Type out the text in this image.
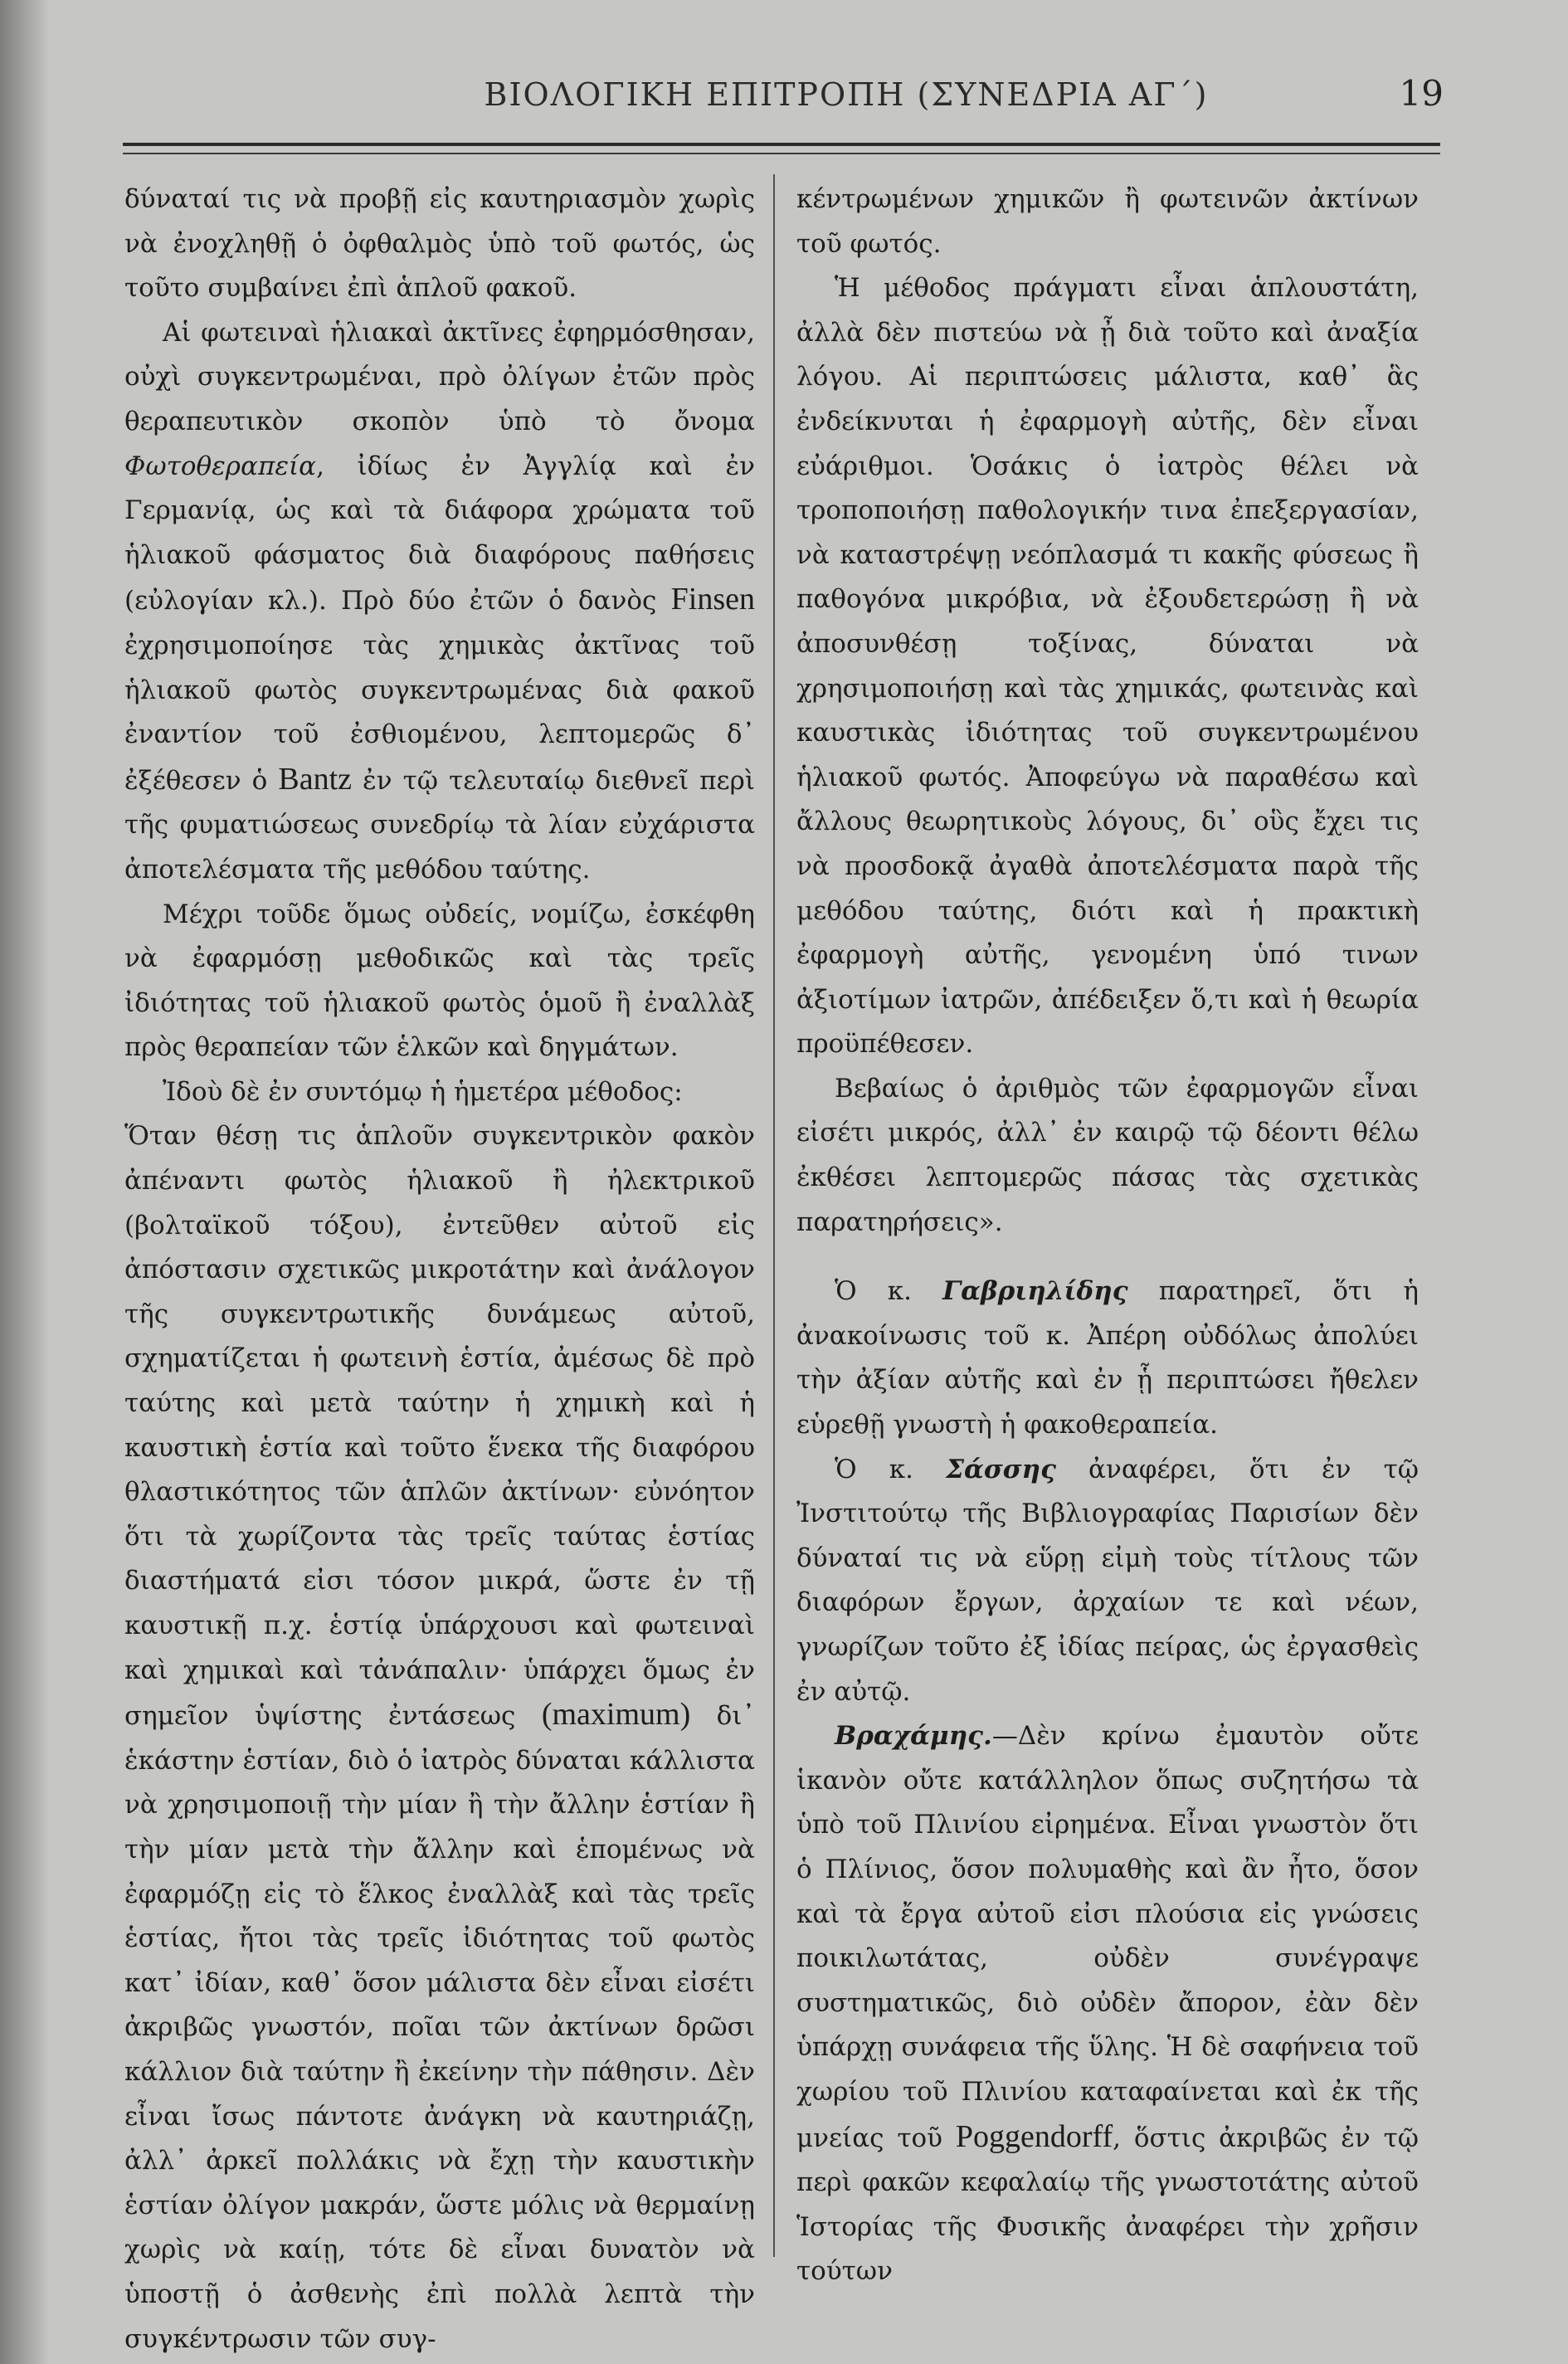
ΒΙΟΛΟΓΙΚΗ ΕΠΙΤΡΟΠΗ (ΣΥΝΕΔΡΙΑ ΑΓ΄)	19

δύναταί τις νὰ προβῇ εἰς καυτηριασμὸν χωρὶς νὰ ἐνοχληθῇ ὁ ὀφθαλμὸς ὑπὸ τοῦ φωτός, ὡς τοῦτο συμβαίνει ἐπὶ ἁπλοῦ φακοῦ.

Αἱ φωτειναὶ ἡλιακαὶ ἀκτῖνες ἐφηρμόσθησαν, οὐχὶ συγκεντρωμέναι, πρὸ ὀλίγων ἐτῶν πρὸς θεραπευτικὸν σκοπὸν ὑπὸ τὸ ὄνομα Φωτοθεραπεία, ἰδίως ἐν Ἀγγλίᾳ καὶ ἐν Γερμανίᾳ, ὡς καὶ τὰ διάφορα χρώματα τοῦ ἡλιακοῦ φάσματος διὰ διαφόρους παθήσεις (εὐλογίαν κλ.). Πρὸ δύο ἐτῶν ὁ δανὸς Finsen ἐχρησιμοποίησε τὰς χημικὰς ἀκτῖνας τοῦ ἡλιακοῦ φωτὸς συγκεντρωμένας διὰ φακοῦ ἐναντίον τοῦ ἐσθιομένου, λεπτομερῶς δ᾽ ἐξέθεσεν ὁ Bantz ἐν τῷ τελευταίῳ διεθνεῖ περὶ τῆς φυματιώσεως συνεδρίῳ τὰ λίαν εὐχάριστα ἀποτελέσματα τῆς μεθόδου ταύτης.

Μέχρι τοῦδε ὅμως οὐδείς, νομίζω, ἐσκέφθη νὰ ἐφαρμόσῃ μεθοδικῶς καὶ τὰς τρεῖς ἰδιότητας τοῦ ἡλιακοῦ φωτὸς ὁμοῦ ἢ ἐναλλὰξ πρὸς θεραπείαν τῶν ἑλκῶν καὶ δηγμάτων.

Ἰδοὺ δὲ ἐν συντόμῳ ἡ ἡμετέρα μέθοδος:

Ὅταν θέσῃ τις ἁπλοῦν συγκεντρικὸν φακὸν ἀπέναντι φωτὸς ἡλιακοῦ ἢ ἠλεκτρικοῦ (βολταϊκοῦ τόξου), ἐντεῦθεν αὐτοῦ εἰς ἀπόστασιν σχετικῶς μικροτάτην καὶ ἀνάλογον τῆς συγκεντρωτικῆς δυνάμεως αὐτοῦ, σχηματίζεται ἡ φωτεινὴ ἑστία, ἀμέσως δὲ πρὸ ταύτης καὶ μετὰ ταύτην ἡ χημικὴ καὶ ἡ καυστικὴ ἑστία καὶ τοῦτο ἕνεκα τῆς διαφόρου θλαστικότητος τῶν ἁπλῶν ἀκτίνων· εὐνόητον ὅτι τὰ χωρίζοντα τὰς τρεῖς ταύτας ἑστίας διαστήματά εἰσι τόσον μικρά, ὥστε ἐν τῇ καυστικῇ π.χ. ἑστίᾳ ὑπάρχουσι καὶ φωτειναὶ καὶ χημικαὶ καὶ τἀνάπαλιν· ὑπάρχει ὅμως ἐν σημεῖον ὑψίστης ἐντάσεως (maximum) δι᾽ ἑκάστην ἑστίαν, διὸ ὁ ἰατρὸς δύναται κάλλιστα νὰ χρησιμοποιῇ τὴν μίαν ἢ τὴν ἄλλην ἑστίαν ἢ τὴν μίαν μετὰ τὴν ἄλλην καὶ ἑπομένως νὰ ἐφαρμόζῃ εἰς τὸ ἕλκος ἐναλλὰξ καὶ τὰς τρεῖς ἑστίας, ἤτοι τὰς τρεῖς ἰδιότητας τοῦ φωτὸς κατ᾽ ἰδίαν, καθ᾽ ὅσον μάλιστα δὲν εἶναι εἰσέτι ἀκριβῶς γνωστόν, ποῖαι τῶν ἀκτίνων δρῶσι κάλλιον διὰ ταύτην ἢ ἐκείνην τὴν πάθησιν. Δὲν εἶναι ἴσως πάντοτε ἀνάγκη νὰ καυτηριάζῃ, ἀλλ᾽ ἀρκεῖ πολλάκις νὰ ἔχῃ τὴν καυστικὴν ἑστίαν ὀλίγον μακράν, ὥστε μόλις νὰ θερμαίνῃ χωρὶς νὰ καίῃ, τότε δὲ εἶναι δυνατὸν νὰ ὑποστῇ ὁ ἀσθενὴς ἐπὶ πολλὰ λεπτὰ τὴν συγκέντρωσιν τῶν συγ-

κέντρωμένων χημικῶν ἢ φωτεινῶν ἀκτίνων τοῦ φωτός.

Ἡ μέθοδος πράγματι εἶναι ἁπλουστάτη, ἀλλὰ δὲν πιστεύω νὰ ᾖ διὰ τοῦτο καὶ ἀναξία λόγου. Αἱ περιπτώσεις μάλιστα, καθ᾽ ἃς ἐνδείκνυται ἡ ἐφαρμογὴ αὐτῆς, δὲν εἶναι εὐάριθμοι. Ὁσάκις ὁ ἰατρὸς θέλει νὰ τροποποιήσῃ παθολογικήν τινα ἐπεξεργασίαν, νὰ καταστρέψῃ νεόπλασμά τι κακῆς φύσεως ἢ παθογόνα μικρόβια, νὰ ἐξουδετερώσῃ ἢ νὰ ἀποσυνθέσῃ τοξίνας, δύναται νὰ χρησιμοποιήσῃ καὶ τὰς χημικάς, φωτεινὰς καὶ καυστικὰς ἰδιότητας τοῦ συγκεντρωμένου ἡλιακοῦ φωτός. Ἀποφεύγω νὰ παραθέσω καὶ ἄλλους θεωρητικοὺς λόγους, δι᾽ οὓς ἔχει τις νὰ προσδοκᾷ ἀγαθὰ ἀποτελέσματα παρὰ τῆς μεθόδου ταύτης, διότι καὶ ἡ πρακτικὴ ἐφαρμογὴ αὐτῆς, γενομένη ὑπό τινων ἀξιοτίμων ἰατρῶν, ἀπέδειξεν ὅ,τι καὶ ἡ θεωρία προϋπέθεσεν.

Βεβαίως ὁ ἀριθμὸς τῶν ἐφαρμογῶν εἶναι εἰσέτι μικρός, ἀλλ᾽ ἐν καιρῷ τῷ δέοντι θέλω ἐκθέσει λεπτομερῶς πάσας τὰς σχετικὰς παρατηρήσεις».

Ὁ κ. Γαβριηλίδης παρατηρεῖ, ὅτι ἡ ἀνακοίνωσις τοῦ κ. Ἀπέρη οὐδόλως ἀπολύει τὴν ἀξίαν αὐτῆς καὶ ἐν ᾗ περιπτώσει ἤθελεν εὑρεθῇ γνωστὴ ἡ φακοθεραπεία.

Ὁ κ. Σάσσης ἀναφέρει, ὅτι ἐν τῷ Ἰνστιτούτῳ τῆς Βιβλιογραφίας Παρισίων δὲν δύναταί τις νὰ εὕρῃ εἰμὴ τοὺς τίτλους τῶν διαφόρων ἔργων, ἀρχαίων τε καὶ νέων, γνωρίζων τοῦτο ἐξ ἰδίας πείρας, ὡς ἐργασθεὶς ἐν αὐτῷ.

Βραχάμης.—Δὲν κρίνω ἐμαυτὸν οὔτε ἱκανὸν οὔτε κατάλληλον ὅπως συζητήσω τὰ ὑπὸ τοῦ Πλινίου εἰρημένα. Εἶναι γνωστὸν ὅτι ὁ Πλίνιος, ὅσον πολυμαθὴς καὶ ἂν ἦτο, ὅσον καὶ τὰ ἔργα αὐτοῦ εἰσι πλούσια εἰς γνώσεις ποικιλωτάτας, οὐδὲν συνέγραψε συστηματικῶς, διὸ οὐδὲν ἄπορον, ἐὰν δὲν ὑπάρχῃ συνάφεια τῆς ὕλης. Ἡ δὲ σαφήνεια τοῦ χωρίου τοῦ Πλινίου καταφαίνεται καὶ ἐκ τῆς μνείας τοῦ Poggendorff, ὅστις ἀκριβῶς ἐν τῷ περὶ φακῶν κεφαλαίῳ τῆς γνωστοτάτης αὐτοῦ Ἱστορίας τῆς Φυσικῆς ἀναφέρει τὴν χρῆσιν τούτων
